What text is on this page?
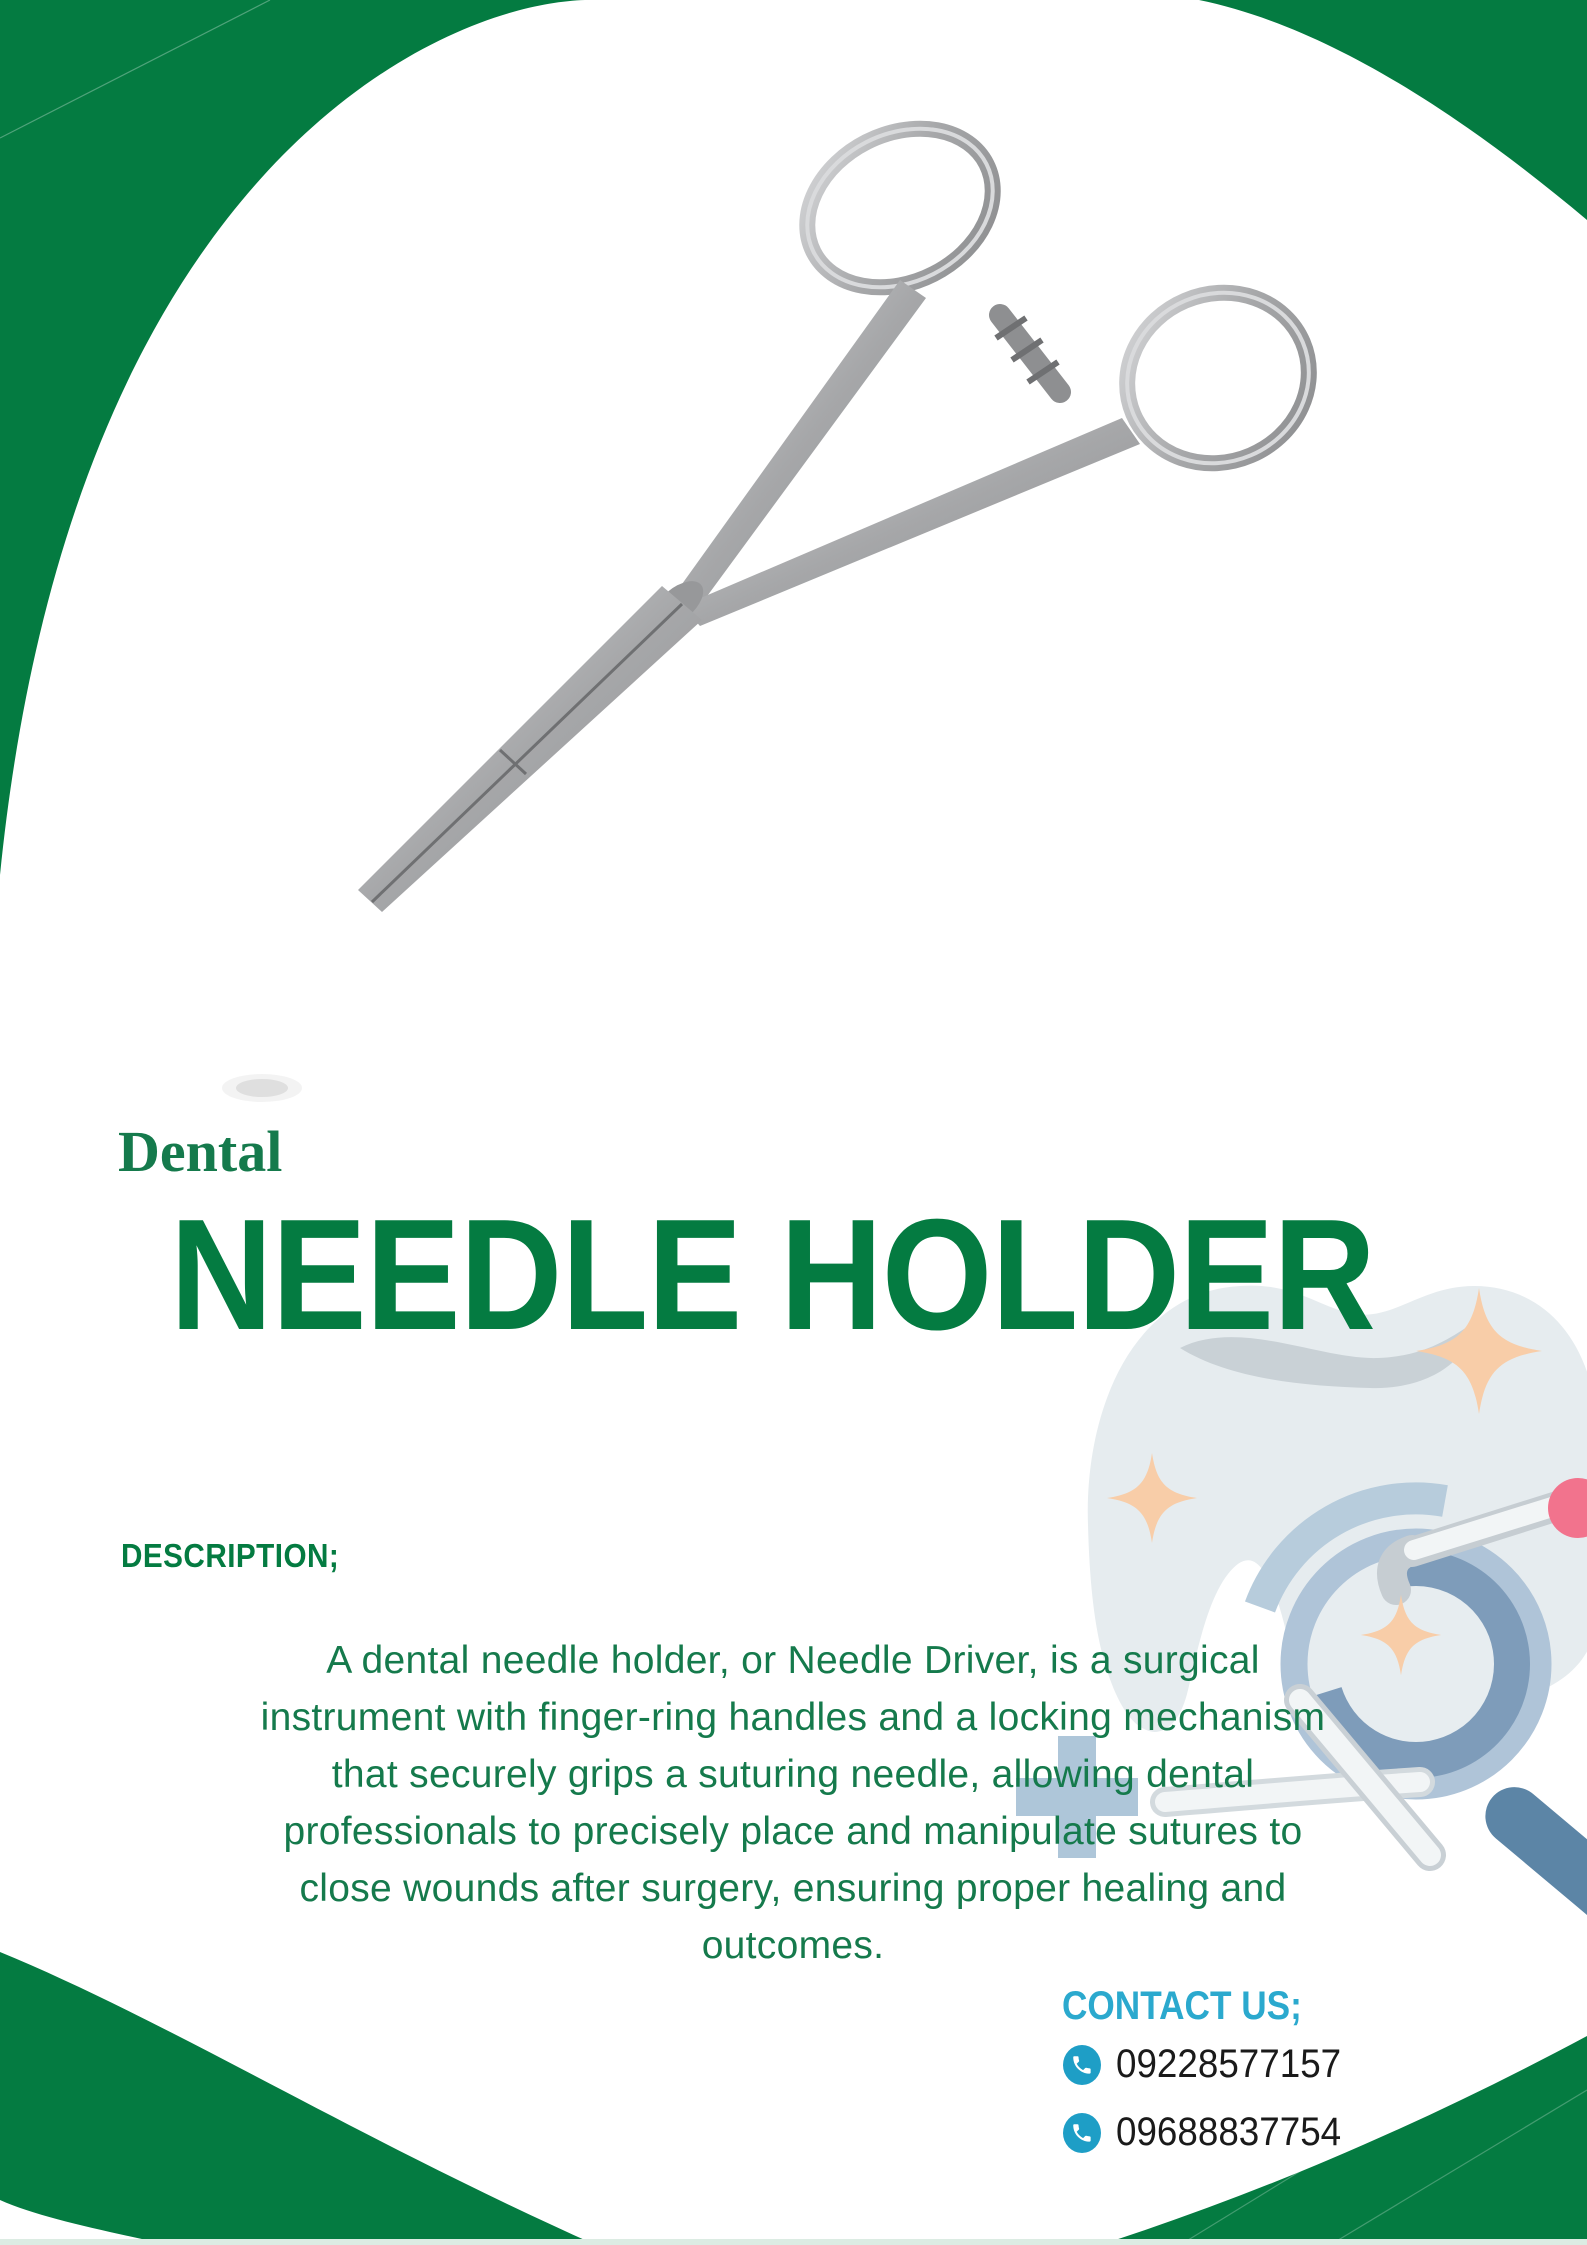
Dental
NEEDLE HOLDER
DESCRIPTION;
A dental needle holder, or Needle Driver, is a surgical
instrument with finger-ring handles and a locking mechanism
that securely grips a suturing needle, allowing dental
professionals to precisely place and manipulate sutures to
close wounds after surgery, ensuring proper healing and
outcomes.
CONTACT US;
09228577157
09688837754
